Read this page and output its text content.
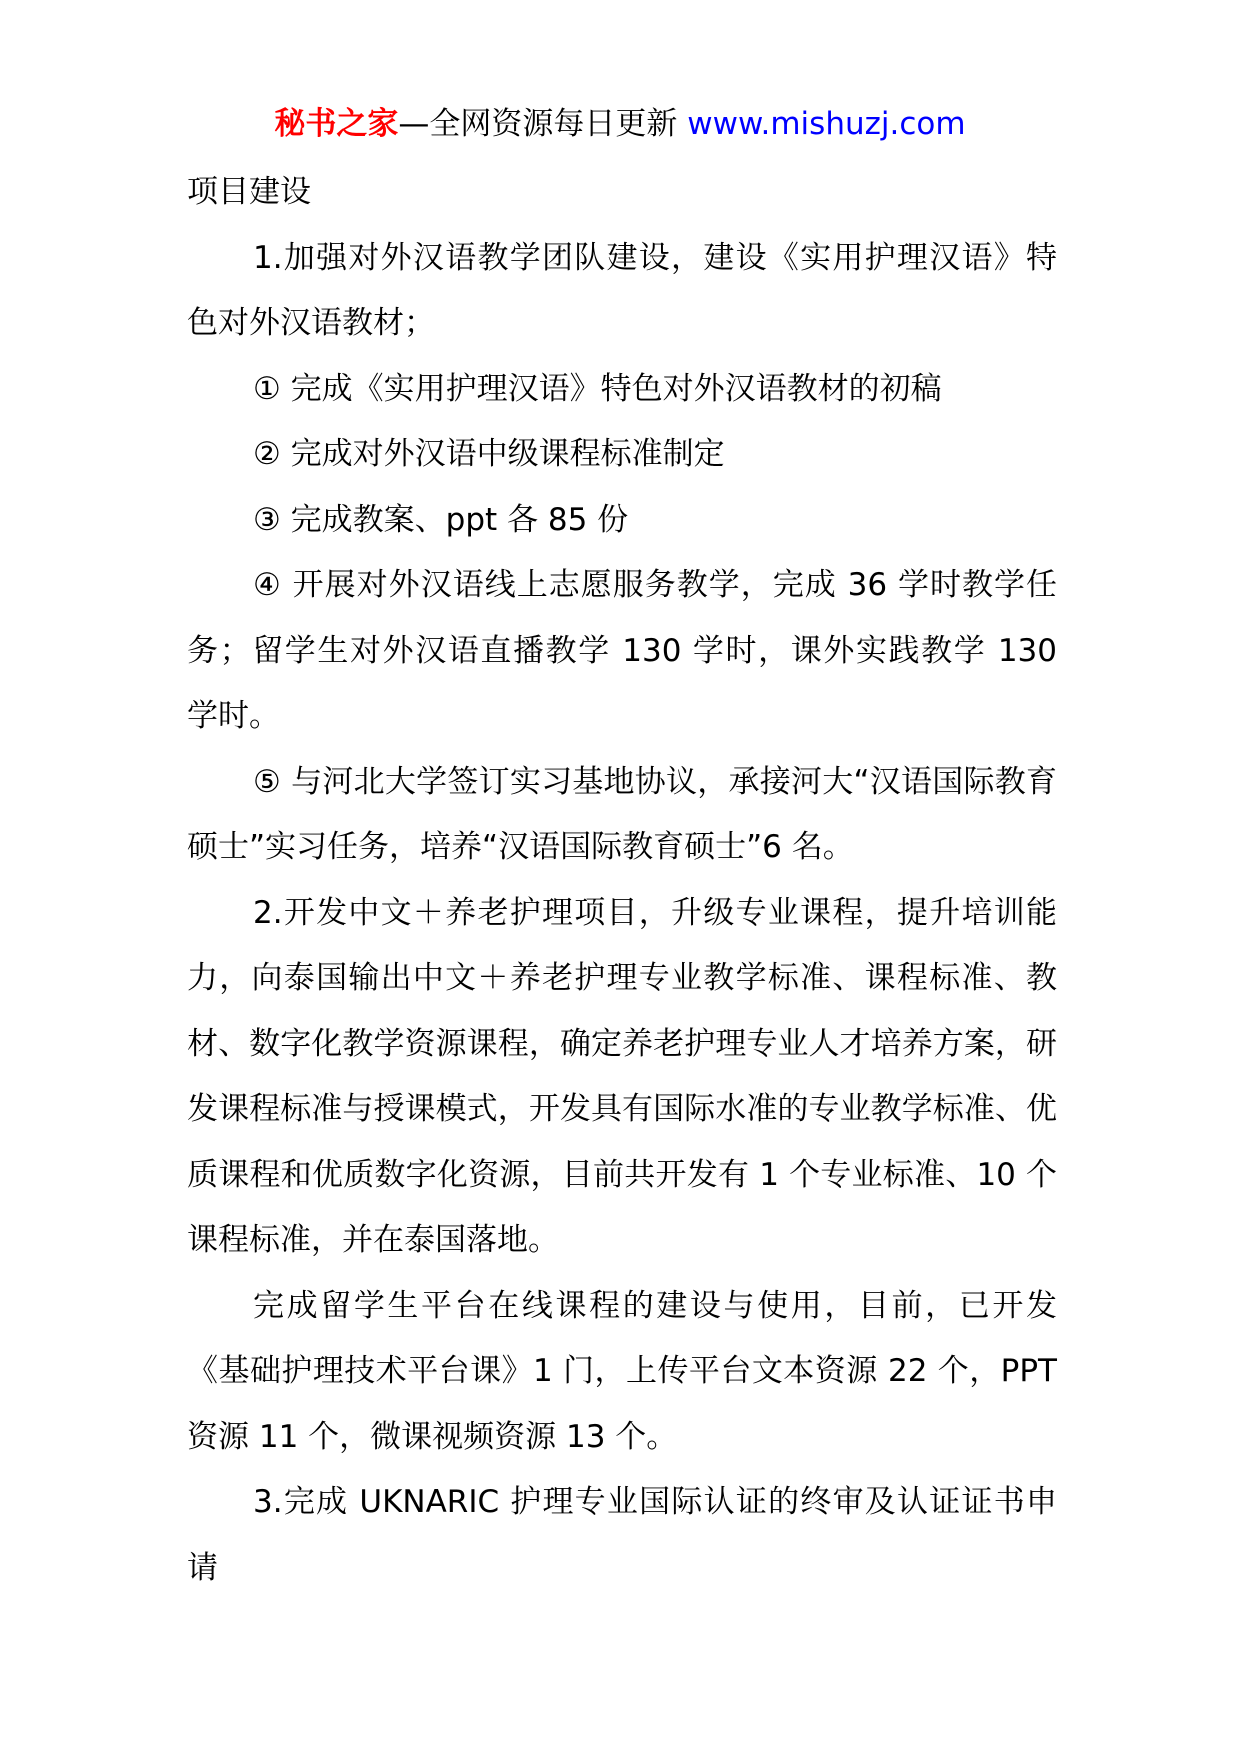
秘书之家—全网资源每日更新 www.mishuzj.com

项目建设

1.加强对外汉语教学团队建设，建设《实用护理汉语》特色对外汉语教材；

① 完成《实用护理汉语》特色对外汉语教材的初稿

② 完成对外汉语中级课程标准制定

③ 完成教案、ppt 各 85 份

④ 开展对外汉语线上志愿服务教学，完成 36 学时教学任务；留学生对外汉语直播教学 130 学时，课外实践教学 130 学时。

⑤ 与河北大学签订实习基地协议，承接河大“汉语国际教育硕士”实习任务，培养“汉语国际教育硕士”6 名。

2.开发中文＋养老护理项目，升级专业课程，提升培训能力，向泰国输出中文＋养老护理专业教学标准、课程标准、教材、数字化教学资源课程，确定养老护理专业人才培养方案，研发课程标准与授课模式，开发具有国际水准的专业教学标准、优质课程和优质数字化资源，目前共开发有 1 个专业标准、10 个课程标准，并在泰国落地。

完成留学生平台在线课程的建设与使用，目前，已开发《基础护理技术平台课》1 门，上传平台文本资源 22 个，PPT 资源 11 个，微课视频资源 13 个。

3.完成 UKNARIC 护理专业国际认证的终审及认证证书申请
